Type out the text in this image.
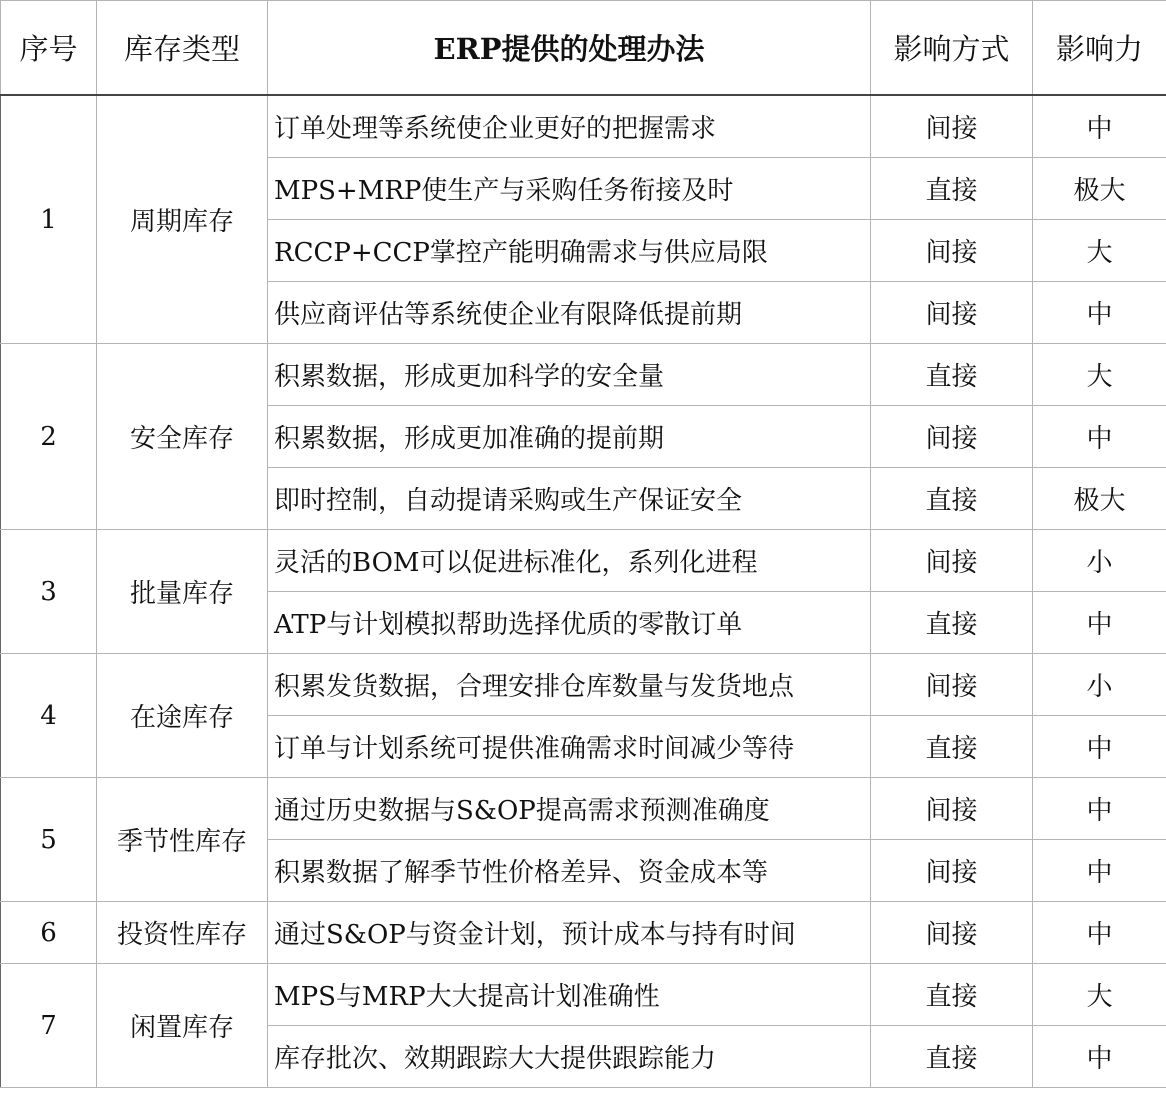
序号	库存类型	ERP提供的处理办法	影响方式	影响力
1	周期库存	订单处理等系统使企业更好的把握需求	间接	中
		MPS+MRP使生产与采购任务衔接及时	直接	极大
		RCCP+CCP掌控产能明确需求与供应局限	间接	大
		供应商评估等系统使企业有限降低提前期	间接	中
2	安全库存	积累数据，形成更加科学的安全量	直接	大
		积累数据，形成更加准确的提前期	间接	中
		即时控制，自动提请采购或生产保证安全	直接	极大
3	批量库存	灵活的BOM可以促进标准化，系列化进程	间接	小
		ATP与计划模拟帮助选择优质的零散订单	直接	中
4	在途库存	积累发货数据，合理安排仓库数量与发货地点	间接	小
		订单与计划系统可提供准确需求时间减少等待	直接	中
5	季节性库存	通过历史数据与S&OP提高需求预测准确度	间接	中
		积累数据了解季节性价格差异、资金成本等	间接	中
6	投资性库存	通过S&OP与资金计划，预计成本与持有时间	间接	中
7	闲置库存	MPS与MRP大大提高计划准确性	直接	大
		库存批次、效期跟踪大大提供跟踪能力	直接	中
